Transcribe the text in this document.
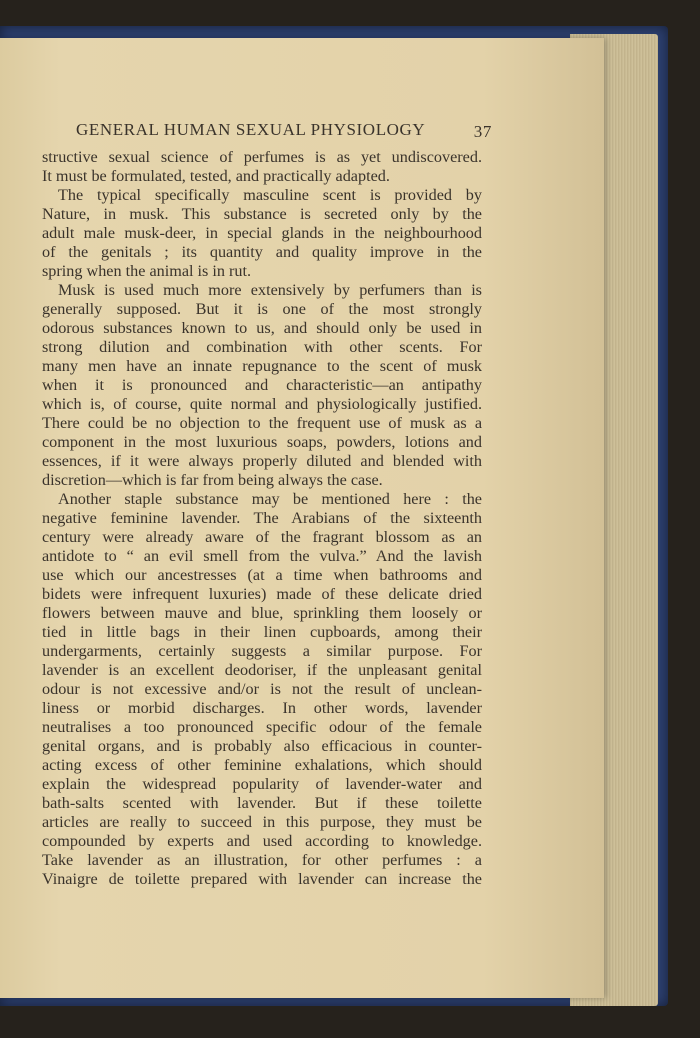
GENERAL HUMAN SEXUAL PHYSIOLOGY	37
structive sexual science of perfumes is as yet undiscovered.
It must be formulated, tested, and practically adapted.
The typical specifically masculine scent is provided by
Nature, in musk. This substance is secreted only by the
adult male musk-deer, in special glands in the neighbourhood
of the genitals ; its quantity and quality improve in the
spring when the animal is in rut.
Musk is used much more extensively by perfumers than is
generally supposed. But it is one of the most strongly
odorous substances known to us, and should only be used in
strong dilution and combination with other scents. For
many men have an innate repugnance to the scent of musk
when it is pronounced and characteristic—an antipathy
which is, of course, quite normal and physiologically justified.
There could be no objection to the frequent use of musk as a
component in the most luxurious soaps, powders, lotions and
essences, if it were always properly diluted and blended with
discretion—which is far from being always the case.
Another staple substance may be mentioned here : the
negative feminine lavender. The Arabians of the sixteenth
century were already aware of the fragrant blossom as an
antidote to “ an evil smell from the vulva.” And the lavish
use which our ancestresses (at a time when bathrooms and
bidets were infrequent luxuries) made of these delicate dried
flowers between mauve and blue, sprinkling them loosely or
tied in little bags in their linen cupboards, among their
undergarments, certainly suggests a similar purpose. For
lavender is an excellent deodoriser, if the unpleasant genital
odour is not excessive and/or is not the result of unclean-
liness or morbid discharges. In other words, lavender
neutralises a too pronounced specific odour of the female
genital organs, and is probably also efficacious in counter-
acting excess of other feminine exhalations, which should
explain the widespread popularity of lavender-water and
bath-salts scented with lavender. But if these toilette
articles are really to succeed in this purpose, they must be
compounded by experts and used according to knowledge.
Take lavender as an illustration, for other perfumes : a
Vinaigre de toilette prepared with lavender can increase the
